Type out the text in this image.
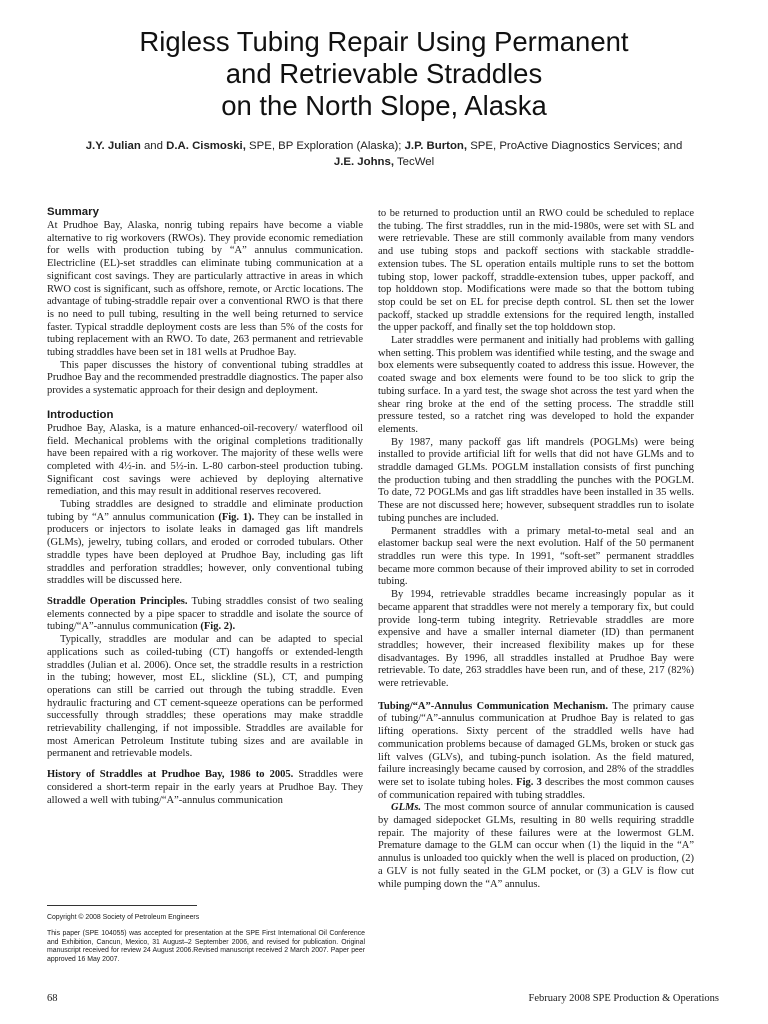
Rigless Tubing Repair Using Permanent
and Retrievable Straddles
on the North Slope, Alaska
J.Y. Julian and D.A. Cismoski, SPE, BP Exploration (Alaska); J.P. Burton, SPE, ProActive Diagnostics Services; and
J.E. Johns, TecWel
Summary

At Prudhoe Bay, Alaska, nonrig tubing repairs have become a viable alternative to rig workovers (RWOs). They provide economic remediation for wells with production tubing by “A” annulus communication. Electricline (EL)-set straddles can eliminate tubing communication at a significant cost savings. They are particularly attractive in areas in which RWO cost is significant, such as offshore, remote, or Arctic locations. The advantage of tubing-straddle repair over a conventional RWO is that there is no need to pull tubing, resulting in the well being returned to service faster. Typical straddle deployment costs are less than 5% of the costs for tubing replacement with an RWO. To date, 263 permanent and retrievable tubing straddles have been set in 181 wells at Prudhoe Bay.

This paper discusses the history of conventional tubing straddles at Prudhoe Bay and the recommended prestraddle diagnostics. The paper also provides a systematic approach for their design and deployment.

Introduction

Prudhoe Bay, Alaska, is a mature enhanced-oil-recovery/ waterflood oil field. Mechanical problems with the original completions traditionally have been repaired with a rig workover. The majority of these wells were completed with 4½-in. and 5½-in. L-80 carbon-steel production tubing. Significant cost savings were achieved by deploying alternative remediation, and this may result in additional reserves recovered.

Tubing straddles are designed to straddle and eliminate production tubing by “A” annulus communication (Fig. 1). They can be installed in producers or injectors to isolate leaks in damaged gas lift mandrels (GLMs), jewelry, tubing collars, and eroded or corroded tubulars. Other straddle types have been deployed at Prudhoe Bay, including gas lift straddles and perforation straddles; however, only conventional tubing straddles will be discussed here.

Straddle Operation Principles. Tubing straddles consist of two sealing elements connected by a pipe spacer to straddle and isolate the source of tubing/“A”-annulus communication (Fig. 2).

Typically, straddles are modular and can be adapted to special applications such as coiled-tubing (CT) hangoffs or extended-length straddles (Julian et al. 2006). Once set, the straddle results in a restriction in the tubing; however, most EL, slickline (SL), CT, and pumping operations can still be carried out through the tubing straddle. Even hydraulic fracturing and CT cement-squeeze operations can be performed successfully through straddles; these operations may make straddle retrievability challenging, if not impossible. Straddles are available for most American Petroleum Institute tubing sizes and are available in permanent and retrievable models.

History of Straddles at Prudhoe Bay, 1986 to 2005. Straddles were considered a short-term repair in the early years at Prudhoe Bay. They allowed a well with tubing/“A”-annulus communication

to be returned to production until an RWO could be scheduled to replace the tubing. The first straddles, run in the mid-1980s, were set with SL and were retrievable. These are still commonly available from many vendors and use tubing stops and packoff sections with stackable straddle-extension tubes. The SL operation entails multiple runs to set the bottom tubing stop, lower packoff, straddle-extension tubes, upper packoff, and top holddown stop. Modifications were made so that the bottom tubing stop could be set on EL for precise depth control. SL then set the lower packoff, stacked up straddle extensions for the required length, installed the upper packoff, and finally set the top holddown stop.

Later straddles were permanent and initially had problems with galling when setting. This problem was identified while testing, and the swage and box elements were subsequently coated to address this issue. However, the coated swage and box elements were found to be too slick to grip the tubing surface. In a yard test, the swage shot across the test yard when the shear ring broke at the end of the setting process. The straddle still pressure tested, so a ratchet ring was developed to hold the expander elements.

By 1987, many packoff gas lift mandrels (POGLMs) were being installed to provide artificial lift for wells that did not have GLMs and to straddle damaged GLMs. POGLM installation consists of first punching the production tubing and then straddling the punches with the POGLM. To date, 72 POGLMs and gas lift straddles have been installed in 35 wells. These are not discussed here; however, subsequent straddles run to isolate tubing punches are included.

Permanent straddles with a primary metal-to-metal seal and an elastomer backup seal were the next evolution. Half of the 50 permanent straddles run were this type. In 1991, “soft-set” permanent straddles became more common because of their improved ability to set in corroded tubing.

By 1994, retrievable straddles became increasingly popular as it became apparent that straddles were not merely a temporary fix, but could provide long-term tubing integrity. Retrievable straddles are more expensive and have a smaller internal diameter (ID) than permanent straddles; however, their increased flexibility makes up for these disadvantages. By 1996, all straddles installed at Prudhoe Bay were retrievable. To date, 263 straddles have been run, and of these, 217 (82%) were retrievable.

Tubing/“A”-Annulus Communication Mechanism. The primary cause of tubing/“A”-annulus communication at Prudhoe Bay is related to gas lifting operations. Sixty percent of the straddled wells have had communication problems because of damaged GLMs, broken or stuck gas lift valves (GLVs), and tubing-punch isolation. As the field matured, failure increasingly became caused by corrosion, and 28% of the straddles were set to isolate tubing holes. Fig. 3 describes the most common causes of communication repaired with tubing straddles.

GLMs. The most common source of annular communication is caused by damaged sidepocket GLMs, resulting in 80 wells requiring straddle repair. The majority of these failures were at the lowermost GLM. Premature damage to the GLM can occur when (1) the liquid in the “A” annulus is unloaded too quickly when the well is placed on production, (2) a GLV is not fully seated in the GLM pocket, or (3) a GLV is flow cut while pumping down the “A” annulus.

Copyright © 2008 Society of Petroleum Engineers

This paper (SPE 104055) was accepted for presentation at the SPE First International Oil Conference and Exhibition, Cancun, Mexico, 31 August–2 September 2006, and revised for publication. Original manuscript received for review 24 August 2006.Revised manuscript received 2 March 2007. Paper peer approved 16 May 2007.

68	February 2008 SPE Production & Operations
